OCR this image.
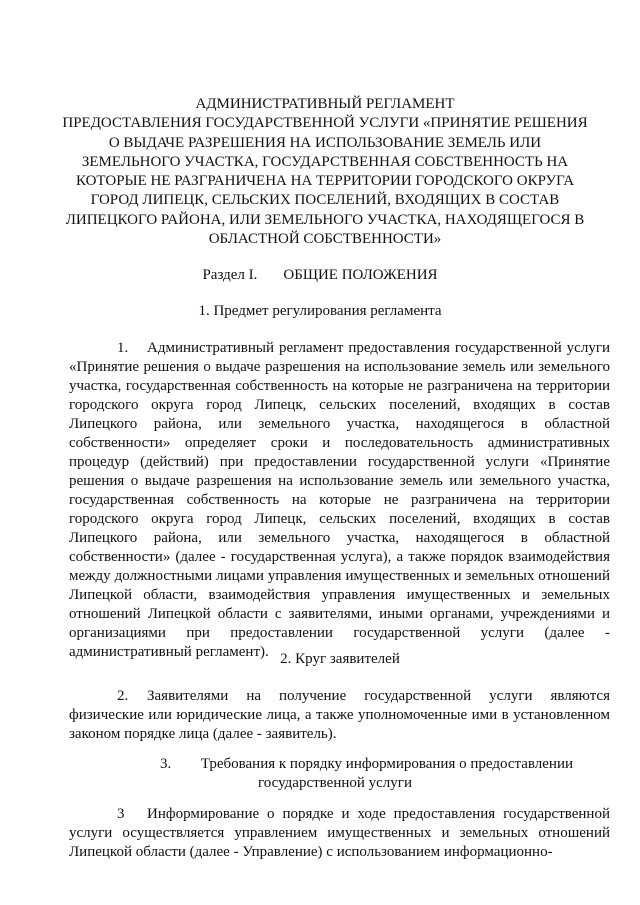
АДМИНИСТРАТИВНЫЙ РЕГЛАМЕНТ
ПРЕДОСТАВЛЕНИЯ ГОСУДАРСТВЕННОЙ УСЛУГИ «ПРИНЯТИЕ РЕШЕНИЯ
О ВЫДАЧЕ РАЗРЕШЕНИЯ НА ИСПОЛЬЗОВАНИЕ ЗЕМЕЛЬ ИЛИ
ЗЕМЕЛЬНОГО УЧАСТКА, ГОСУДАРСТВЕННАЯ СОБСТВЕННОСТЬ НА
КОТОРЫЕ НЕ РАЗГРАНИЧЕНА НА ТЕРРИТОРИИ ГОРОДСКОГО ОКРУГА
ГОРОД ЛИПЕЦК, СЕЛЬСКИХ ПОСЕЛЕНИЙ, ВХОДЯЩИХ В СОСТАВ
ЛИПЕЦКОГО РАЙОНА, ИЛИ ЗЕМЕЛЬНОГО УЧАСТКА, НАХОДЯЩЕГОСЯ В
ОБЛАСТНОЙ СОБСТВЕННОСТИ»
Раздел I. ОБЩИЕ ПОЛОЖЕНИЯ
1. Предмет регулирования регламента
1. Административный регламент предоставления государственной услуги «Принятие решения о выдаче разрешения на использование земель или земельного участка, государственная собственность на которые не разграничена на территории городского округа город Липецк, сельских поселений, входящих в состав Липецкого района, или земельного участка, находящегося в областной собственности» определяет сроки и последовательность административных процедур (действий) при предоставлении государственной услуги «Принятие решения о выдаче разрешения на использование земель или земельного участка, государственная собственность на которые не разграничена на территории городского округа город Липецк, сельских поселений, входящих в состав Липецкого района, или земельного участка, находящегося в областной собственности» (далее - государственная услуга), а также порядок взаимодействия между должностными лицами управления имущественных и земельных отношений Липецкой области, взаимодействия управления имущественных и земельных отношений Липецкой области с заявителями, иными органами, учреждениями и организациями при предоставлении государственной услуги (далее - административный регламент). 2. Круг заявителей
2. Заявителями на получение государственной услуги являются физические или юридические лица, а также уполномоченные ими в установленном законом порядке лица (далее - заявитель).
3. Требования к порядку информирования о предоставлении
государственной услуги
3 Информирование о порядке и ходе предоставления государственной услуги осуществляется управлением имущественных и земельных отношений Липецкой области (далее - Управление) с использованием информационно-
